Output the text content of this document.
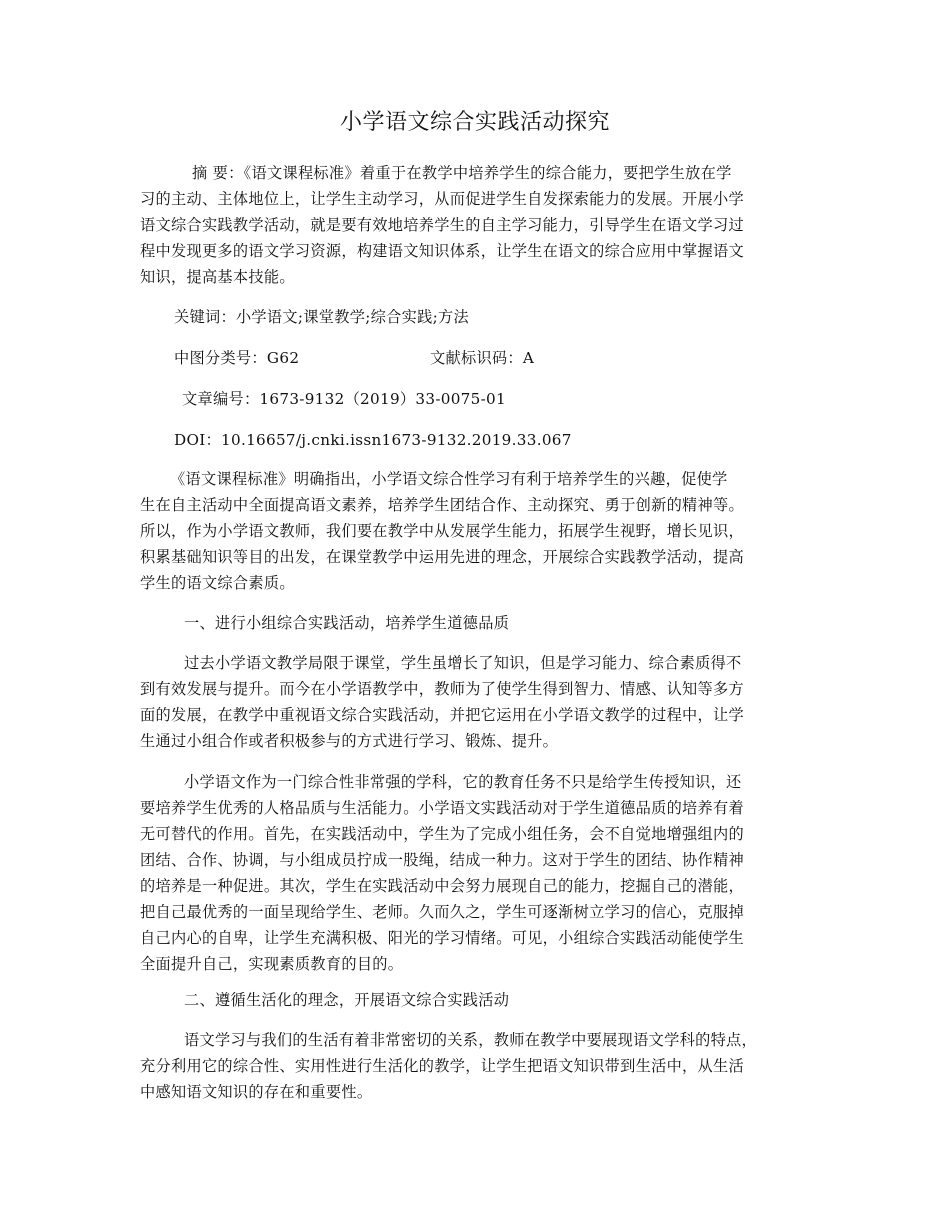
小学语文综合实践活动探究
摘 要：《语文课程标准》着重于在教学中培养学生的综合能力，要把学生放在学
习的主动、主体地位上，让学生主动学习，从而促进学生自发探索能力的发展。开展小学
语文综合实践教学活动，就是要有效地培养学生的自主学习能力，引导学生在语文学习过
程中发现更多的语文学习资源，构建语文知识体系，让学生在语文的综合应用中掌握语文
知识，提高基本技能。
关键词：小学语文;课堂教学;综合实践;方法
中图分类号：G62	文献标识码：A
文章编号：1673-9132（2019）33-0075-01
DOI：10.16657/j.cnki.issn1673-9132.2019.33.067
《语文课程标准》明确指出，小学语文综合性学习有利于培养学生的兴趣，促使学
生在自主活动中全面提高语文素养，培养学生团结合作、主动探究、勇于创新的精神等。
所以，作为小学语文教师，我们要在教学中从发展学生能力，拓展学生视野，增长见识，
积累基础知识等目的出发，在课堂教学中运用先进的理念，开展综合实践教学活动，提高
学生的语文综合素质。
一、进行小组综合实践活动，培养学生道德品质
过去小学语文教学局限于课堂，学生虽增长了知识，但是学习能力、综合素质得不
到有效发展与提升。而今在小学语教学中，教师为了使学生得到智力、情感、认知等多方
面的发展，在教学中重视语文综合实践活动，并把它运用在小学语文教学的过程中，让学
生通过小组合作或者积极参与的方式进行学习、锻炼、提升。
小学语文作为一门综合性非常强的学科，它的教育任务不只是给学生传授知识，还
要培养学生优秀的人格品质与生活能力。小学语文实践活动对于学生道德品质的培养有着
无可替代的作用。首先，在实践活动中，学生为了完成小组任务，会不自觉地增强组内的
团结、合作、协调，与小组成员拧成一股绳，结成一种力。这对于学生的团结、协作精神
的培养是一种促进。其次，学生在实践活动中会努力展现自己的能力，挖掘自己的潜能，
把自己最优秀的一面呈现给学生、老师。久而久之，学生可逐渐树立学习的信心，克服掉
自己内心的自卑，让学生充满积极、阳光的学习情绪。可见，小组综合实践活动能使学生
全面提升自己，实现素质教育的目的。
二、遵循生活化的理念，开展语文综合实践活动
语文学习与我们的生活有着非常密切的关系，教师在教学中要展现语文学科的特点，
充分利用它的综合性、实用性进行生活化的教学，让学生把语文知识带到生活中，从生活
中感知语文知识的存在和重要性。
